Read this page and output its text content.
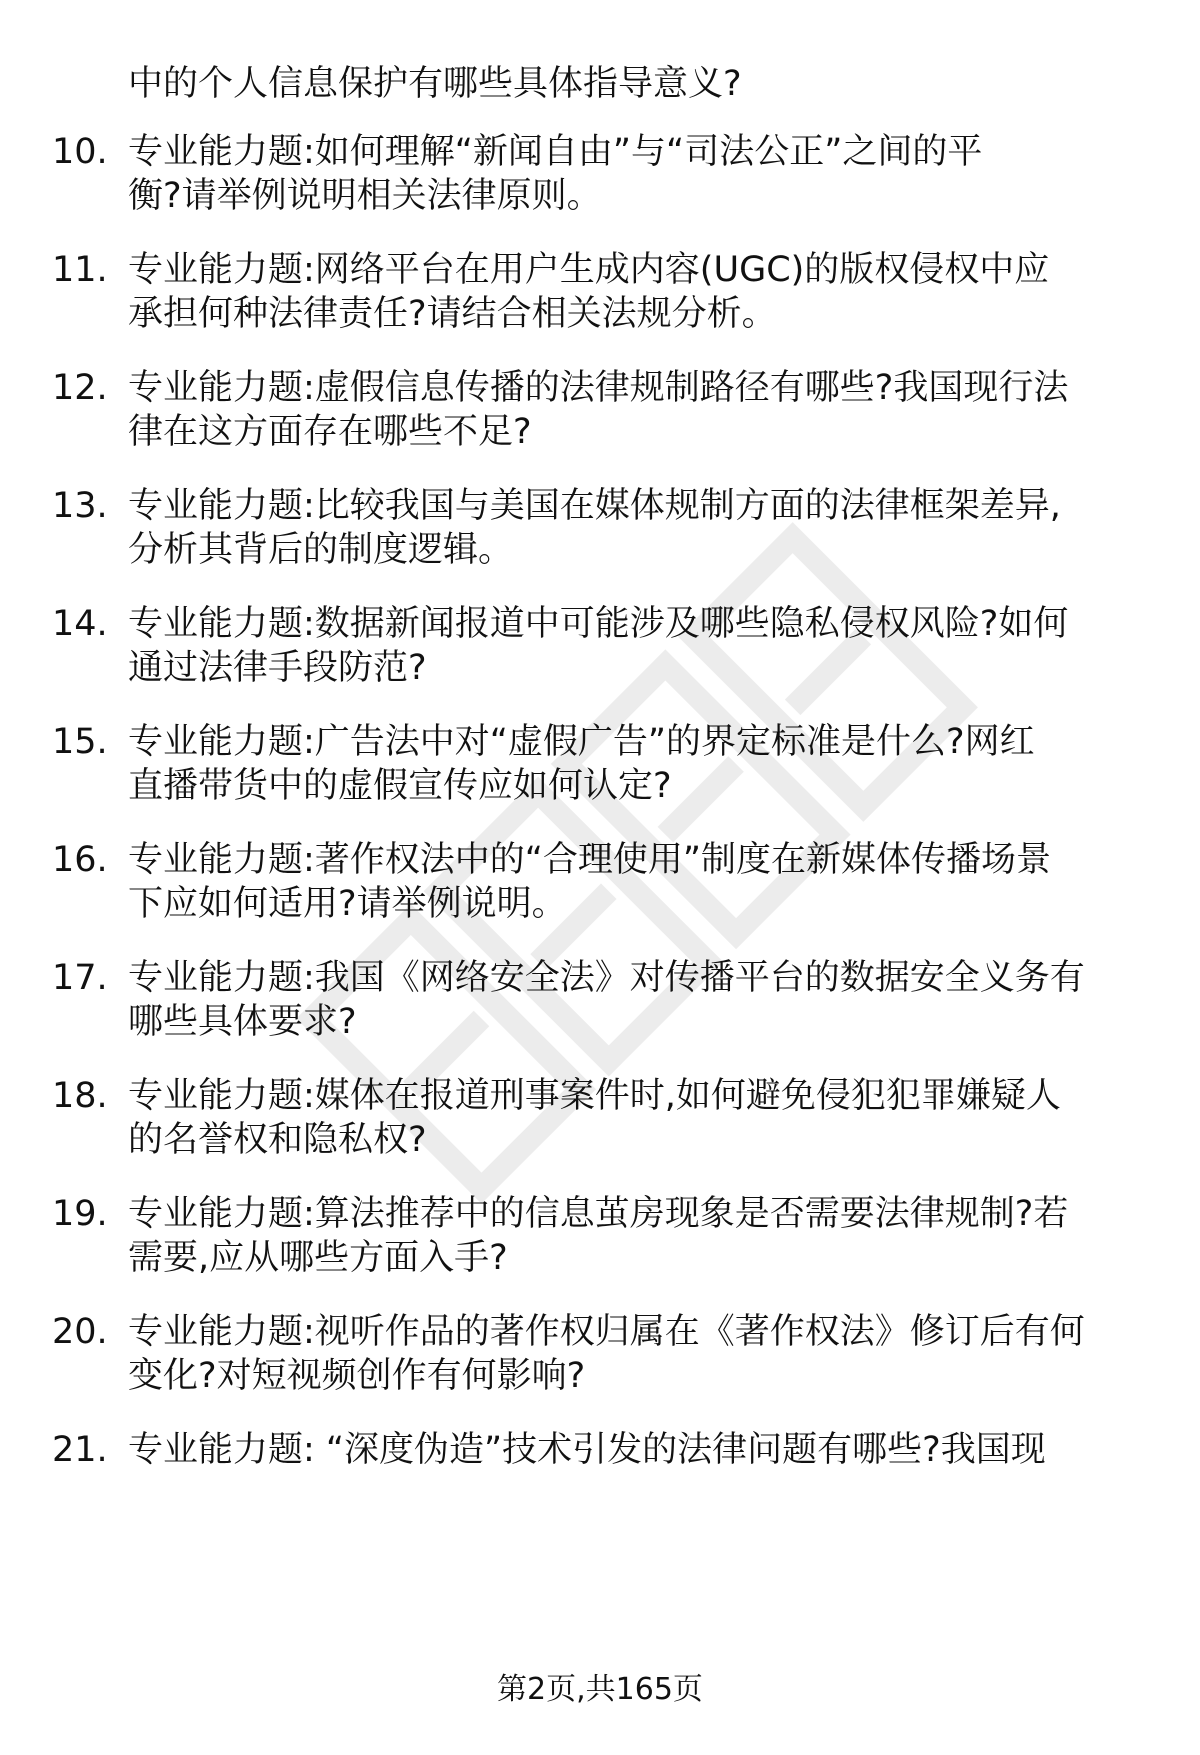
中的个人信息保护有哪些具体指导意义?
10. 专业能力题:如何理解“新闻自由”与“司法公正”之间的平
衡?请举例说明相关法律原则。
11. 专业能力题:网络平台在用户生成内容(UGC)的版权侵权中应
承担何种法律责任?请结合相关法规分析。
12. 专业能力题:虚假信息传播的法律规制路径有哪些?我国现行法
律在这方面存在哪些不足?
13. 专业能力题:比较我国与美国在媒体规制方面的法律框架差异,
分析其背后的制度逻辑。
14. 专业能力题:数据新闻报道中可能涉及哪些隐私侵权风险?如何
通过法律手段防范?
15. 专业能力题:广告法中对“虚假广告”的界定标准是什么?网红
直播带货中的虚假宣传应如何认定?
16. 专业能力题:著作权法中的“合理使用”制度在新媒体传播场景
下应如何适用?请举例说明。
17. 专业能力题:我国《网络安全法》对传播平台的数据安全义务有
哪些具体要求?
18. 专业能力题:媒体在报道刑事案件时,如何避免侵犯犯罪嫌疑人
的名誉权和隐私权?
19. 专业能力题:算法推荐中的信息茧房现象是否需要法律规制?若
需要,应从哪些方面入手?
20. 专业能力题:视听作品的著作权归属在《著作权法》修订后有何
变化?对短视频创作有何影响?
21. 专业能力题: “深度伪造”技术引发的法律问题有哪些?我国现
第2页,共165页
